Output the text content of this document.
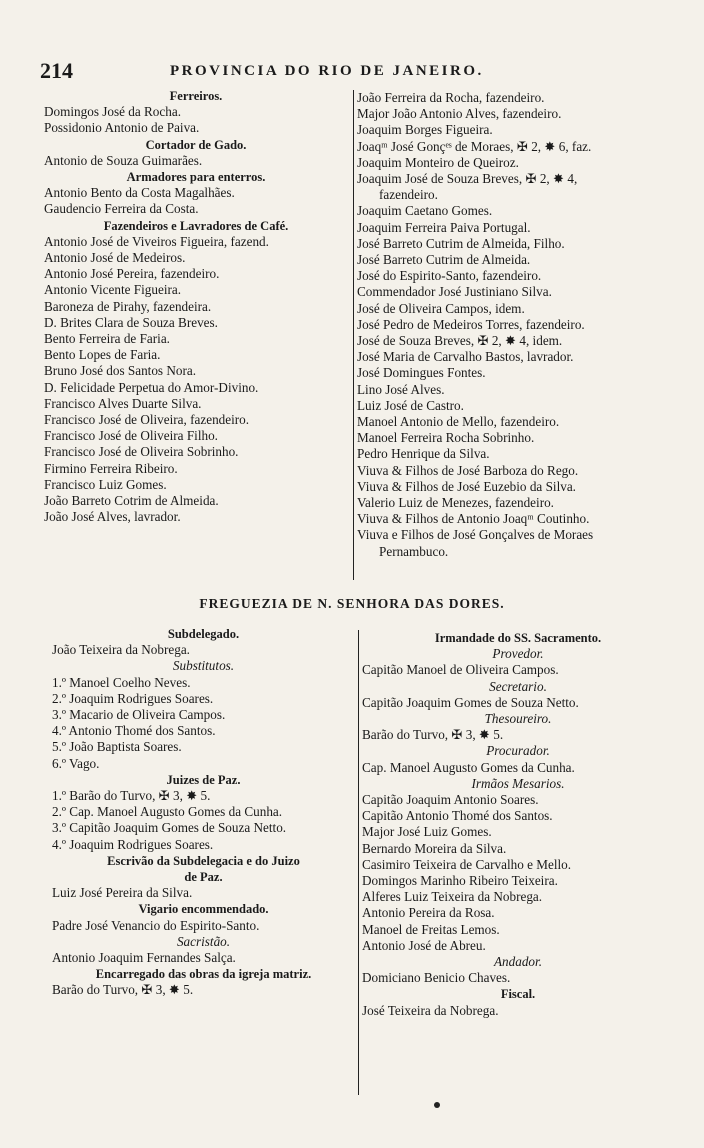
214	PROVINCIA DO RIO DE JANEIRO.
Ferreiros.
Domingos José da Rocha.
Possidonio Antonio de Paiva.
Cortador de Gado.
Antonio de Souza Guimarães.
Armadores para enterros.
Antonio Bento da Costa Magalhães.
Gaudencio Ferreira da Costa.
Fazendeiros e Lavradores de Café.
Antonio José de Viveiros Figueira, fazend.
Antonio José de Medeiros.
Antonio José Pereira, fazendeiro.
Antonio Vicente Figueira.
Baroneza de Pirahy, fazendeira.
D. Brites Clara de Souza Breves.
Bento Ferreira de Faria.
Bento Lopes de Faria.
Bruno José dos Santos Nora.
D. Felicidade Perpetua do Amor-Divino.
Francisco Alves Duarte Silva.
Francisco José de Oliveira, fazendeiro.
Francisco José de Oliveira Filho.
Francisco José de Oliveira Sobrinho.
Firmino Ferreira Ribeiro.
Francisco Luiz Gomes.
João Barreto Cotrim de Almeida.
João José Alves, lavrador.
João Ferreira da Rocha, fazendeiro.
Major João Antonio Alves, fazendeiro.
Joaquim Borges Figueira.
Joaqᵐ José Gonçᵉˢ de Moraes, ✠ 2, ✸ 6, faz.
Joaquim Monteiro de Queiroz.
Joaquim José de Souza Breves, ✠ 2, ✸ 4,
fazendeiro.
Joaquim Caetano Gomes.
Joaquim Ferreira Paiva Portugal.
José Barreto Cutrim de Almeida, Filho.
José Barreto Cutrim de Almeida.
José do Espirito-Santo, fazendeiro.
Commendador José Justiniano Silva.
José de Oliveira Campos, idem.
José Pedro de Medeiros Torres, fazendeiro.
José de Souza Breves, ✠ 2, ✸ 4, idem.
José Maria de Carvalho Bastos, lavrador.
José Domingues Fontes.
Lino José Alves.
Luiz José de Castro.
Manoel Antonio de Mello, fazendeiro.
Manoel Ferreira Rocha Sobrinho.
Pedro Henrique da Silva.
Viuva & Filhos de José Barboza do Rego.
Viuva & Filhos de José Euzebio da Silva.
Valerio Luiz de Menezes, fazendeiro.
Viuva & Filhos de Antonio Joaqᵐ Coutinho.
Viuva e Filhos de José Gonçalves de Moraes
Pernambuco.
FREGUEZIA DE N. SENHORA DAS DORES.
Subdelegado.
João Teixeira da Nobrega.
Substitutos.
1.º Manoel Coelho Neves.
2.º Joaquim Rodrigues Soares.
3.º Macario de Oliveira Campos.
4.º Antonio Thomé dos Santos.
5.º João Baptista Soares.
6.º Vago.
Juizes de Paz.
1.º Barão do Turvo, ✠ 3, ✸ 5.
2.º Cap. Manoel Augusto Gomes da Cunha.
3.º Capitão Joaquim Gomes de Souza Netto.
4.º Joaquim Rodrigues Soares.
Escrivão da Subdelegacia e do Juizo
de Paz.
Luiz José Pereira da Silva.
Vigario encommendado.
Padre José Venancio do Espirito-Santo.
Sacristão.
Antonio Joaquim Fernandes Salça.
Encarregado das obras da igreja matriz.
Barão do Turvo, ✠ 3, ✸ 5.
Irmandade do SS. Sacramento.
Provedor.
Capitão Manoel de Oliveira Campos.
Secretario.
Capitão Joaquim Gomes de Souza Netto.
Thesoureiro.
Barão do Turvo, ✠ 3, ✸ 5.
Procurador.
Cap. Manoel Augusto Gomes da Cunha.
Irmãos Mesarios.
Capitão Joaquim Antonio Soares.
Capitão Antonio Thomé dos Santos.
Major José Luiz Gomes.
Bernardo Moreira da Silva.
Casimiro Teixeira de Carvalho e Mello.
Domingos Marinho Ribeiro Teixeira.
Alferes Luiz Teixeira da Nobrega.
Antonio Pereira da Rosa.
Manoel de Freitas Lemos.
Antonio José de Abreu.
Andador.
Domiciano Benicio Chaves.
Fiscal.
José Teixeira da Nobrega.
